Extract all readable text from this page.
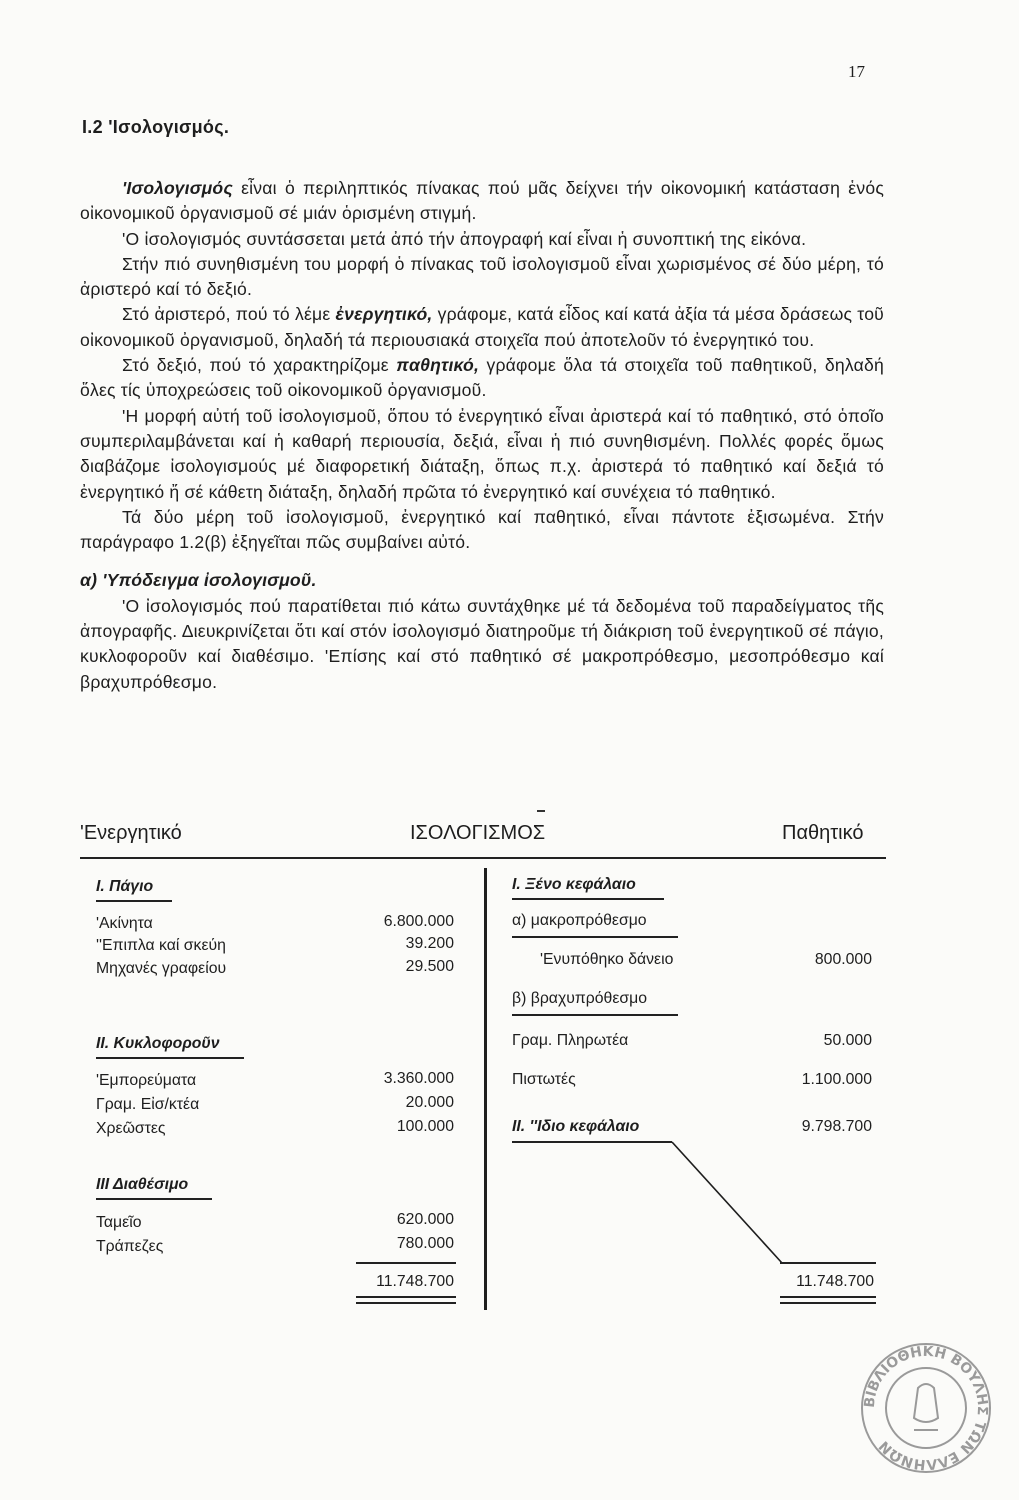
17
Ι.2 'Ισολογισμός.

'Ισολογισμός εἶναι ὁ περιληπτικός πίνακας πού μᾶς δείχνει τήν οἰκονομική κατάσταση ἑνός οἰκονομικοῦ ὀργανισμοῦ σέ μιάν ὁρισμένη στιγμή.

'Ο ἰσολογισμός συντάσσεται μετά ἀπό τήν ἀπογραφή καί εἶναι ἡ συνοπτική της εἰκόνα.

Στήν πιό συνηθισμένη του μορφή ὁ πίνακας τοῦ ἰσολογισμοῦ εἶναι χωρισμένος σέ δύο μέρη, τό ἀριστερό καί τό δεξιό.

Στό ἀριστερό, πού τό λέμε ἐνεργητικό, γράφομε, κατά εἶδος καί κατά ἀξία τά μέσα δράσεως τοῦ οἰκονομικοῦ ὀργανισμοῦ, δηλαδή τά περιουσιακά στοιχεῖα πού ἀποτελοῦν τό ἐνεργητικό του.

Στό δεξιό, πού τό χαρακτηρίζομε παθητικό, γράφομε ὅλα τά στοιχεῖα τοῦ παθητικοῦ, δηλαδή ὅλες τίς ὑποχρεώσεις τοῦ οἰκονομικοῦ ὀργανισμοῦ.

'Η μορφή αὐτή τοῦ ἰσολογισμοῦ, ὅπου τό ἐνεργητικό εἶναι ἀριστερά καί τό παθητικό, στό ὁποῖο συμπεριλαμβάνεται καί ἡ καθαρή περιουσία, δεξιά, εἶναι ἡ πιό συνηθισμένη. Πολλές φορές ὅμως διαβάζομε ἰσολογισμούς μέ διαφορετική διάταξη, ὅπως π.χ. ἀριστερά τό παθητικό καί δεξιά τό ἐνεργητικό ἤ σέ κάθετη διάταξη, δηλαδή πρῶτα τό ἐνεργητικό καί συνέχεια τό παθητικό.

Τά δύο μέρη τοῦ ἰσολογισμοῦ, ἐνεργητικό καί παθητικό, εἶναι πάντοτε ἐξισωμένα. Στήν παράγραφο 1.2(β) ἐξηγεῖται πῶς συμβαίνει αὐτό.

α) 'Υπόδειγμα ἰσολογισμοῦ.

'Ο ἰσολογισμός πού παρατίθεται πιό κάτω συντάχθηκε μέ τά δεδομένα τοῦ παραδείγματος τῆς ἀπογραφῆς. Διευκρινίζεται ὅτι καί στόν ἰσολογισμό διατηροῦμε τή διάκριση τοῦ ἐνεργητικοῦ σέ πάγιο, κυκλοφοροῦν καί διαθέσιμο. 'Επίσης καί στό παθητικό σέ μακροπρόθεσμο, μεσοπρόθεσμο καί βραχυπρόθεσμο.

'Ενεργητικό	ΙΣΟΛΟΓΙΣΜΟΣ	Παθητικό
Ι. Πάγιο
'Ακίνητα	6.800.000
''Επιπλα καί σκεύη	39.200
Μηχανές γραφείου	29.500
ΙΙ. Κυκλοφοροῦν
'Εμπορεύματα	3.360.000
Γραμ. Εἰσ/κτέα	20.000
Χρεῶστες	100.000
ΙΙΙ Διαθέσιμο
Ταμεῖο	620.000
Τράπεζες	780.000
11.748.700
Ι. Ξένο κεφάλαιο
α) μακροπρόθεσμο
'Ενυπόθηκο δάνειο	800.000
β) βραχυπρόθεσμο
Γραμ. Πληρωτέα	50.000
Πιστωτές	1.100.000
ΙΙ. ''Ιδιο κεφάλαιο	9.798.700
11.748.700
ΒΙΒΛΙΟΘΗΚΗ ΒΟΥΛΗΣ ΤΩΝ ΕΛΛΗΝΩΝ
